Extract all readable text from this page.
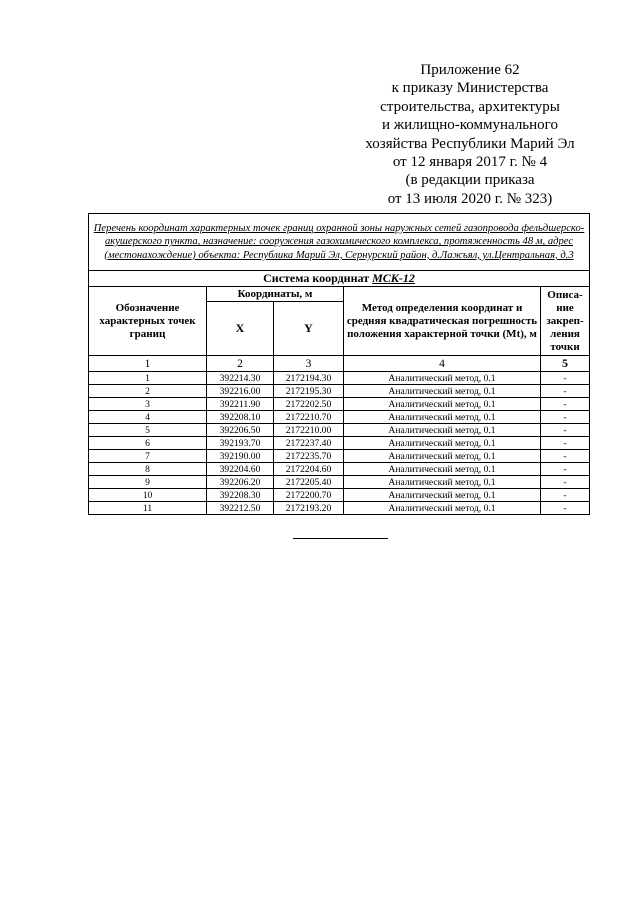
Приложение 62
к приказу Министерства
строительства, архитектуры
и жилищно-коммунального
хозяйства Республики Марий Эл
от 12 января 2017 г. № 4
(в редакции приказа
от 13 июля 2020 г. № 323)
Перечень координат характерных точек границ охранной зоны наружных сетей газопровода фельдшерско-акушерского пункта, назначение: сооружения газохимического комплекса, протяженность 48 м, адрес (местонахождение) объекта: Республика Марий Эл, Сернурский район, д.Лажъял, ул.Центральная, д.3				
Система координат МСК-12				
Обозначение характерных точек границ	Координаты, м		Метод определения координат и средняя квадратическая погрешность положения характерной точки (Mt), м	Описа-ние закреп-ления точки
	X	Y		
1	2	3	4	5
1	392214.30	2172194.30	Аналитический метод, 0.1	-
2	392216.00	2172195.30	Аналитический метод, 0.1	-
3	392211.90	2172202.50	Аналитический метод, 0.1	-
4	392208.10	2172210.70	Аналитический метод, 0.1	-
5	392206.50	2172210.00	Аналитический метод, 0.1	-
6	392193.70	2172237.40	Аналитический метод, 0.1	-
7	392190.00	2172235.70	Аналитический метод, 0.1	-
8	392204.60	2172204.60	Аналитический метод, 0.1	-
9	392206.20	2172205.40	Аналитический метод, 0.1	-
10	392208.30	2172200.70	Аналитический метод, 0.1	-
11	392212.50	2172193.20	Аналитический метод, 0.1	-
